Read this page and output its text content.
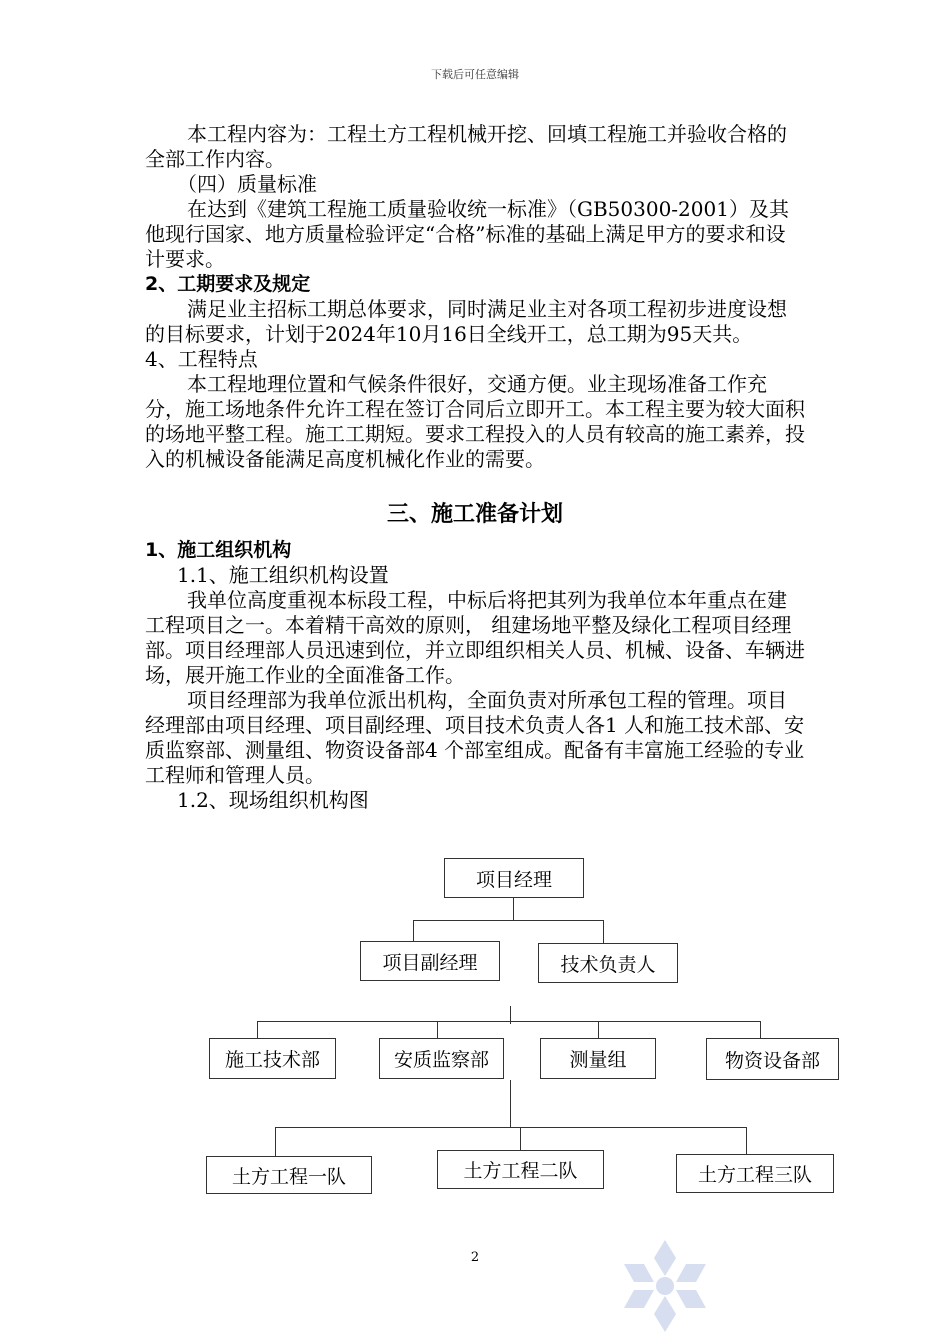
下载后可任意编辑

本工程内容为：工程土方工程机械开挖、回填工程施工并验收合格的全部工作内容。

（四）质量标准

在达到《建筑工程施工质量验收统一标准》（GB50300-2001）及其他现行国家、地方质量检验评定“合格”标准的基础上满足甲方的要求和设计要求。

2、工期要求及规定

满足业主招标工期总体要求，同时满足业主对各项工程初步进度设想的目标要求，计划于2024年10月16日全线开工，总工期为95天共。

4、工程特点

本工程地理位置和气候条件很好，交通方便。业主现场准备工作充分，施工场地条件允许工程在签订合同后立即开工。本工程主要为较大面积的场地平整工程。施工工期短。要求工程投入的人员有较高的施工素养，投入的机械设备能满足高度机械化作业的需要。

三、施工准备计划

1、施工组织机构

1.1、施工组织机构设置

我单位高度重视本标段工程，中标后将把其列为我单位本年重点在建工程项目之一。本着精干高效的原则， 组建场地平整及绿化工程项目经理部。项目经理部人员迅速到位，并立即组织相关人员、机械、设备、车辆进场，展开施工作业的全面准备工作。

项目经理部为我单位派出机构，全面负责对所承包工程的管理。项目经理部由项目经理、项目副经理、项目技术负责人各1 人和施工技术部、安质监察部、测量组、物资设备部4 个部室组成。配备有丰富施工经验的专业工程师和管理人员。

1.2、现场组织机构图

项目经理
项目副经理	技术负责人
施工技术部	安质监察部	测量组	物资设备部
土方工程一队	土方工程二队	土方工程三队
2
